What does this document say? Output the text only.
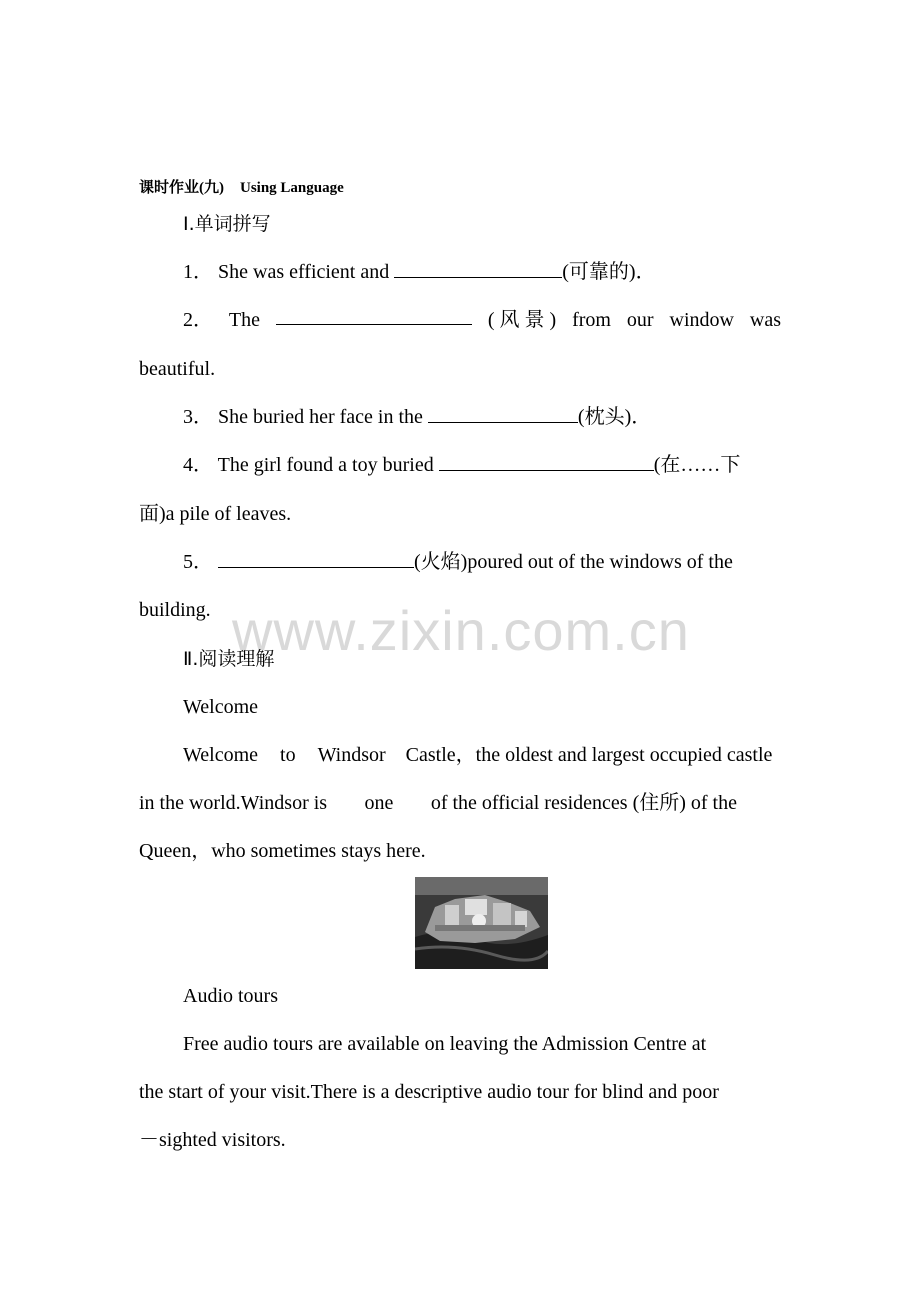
课时作业(九) Using Language
Ⅰ.单词拼写
1． She was efficient and	(可靠的)．
2． The	( 风 景 ) from our window was
beautiful.
3． She buried her face in the	(枕头)．
4． The girl found a toy buried	(在……下
面)a pile of leaves.
5．	(火焰)poured out of the windows of the
building. www.zixin.com.cn
Ⅱ.阅读理解
Welcome
Welcome to Windsor Castle，the oldest and largest occupied castle
in the world.Windsor is one of the official residences (住所) of the
Queen，who sometimes stays here.
Audio tours
Free audio tours are available on leaving the Admission Centre at
the start of your visit.There is a descriptive audio tour for blind and poor
－sighted visitors.
